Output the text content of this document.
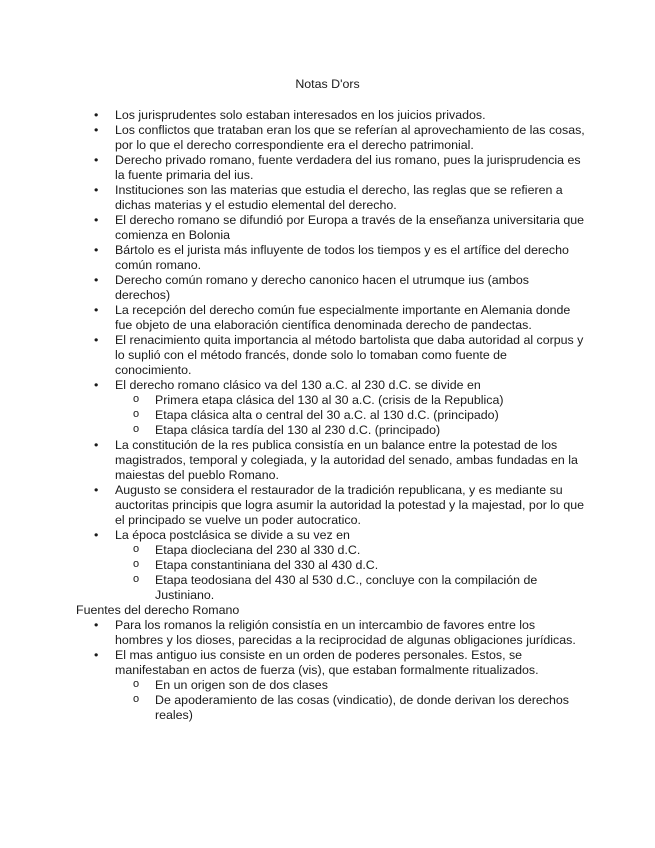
Notas D'ors
• Los jurisprudentes solo estaban interesados en los juicios privados.
• Los conflictos que trataban eran los que se referían al aprovechamiento de las cosas, por lo que el derecho correspondiente era el derecho patrimonial.
• Derecho privado romano, fuente verdadera del ius romano, pues la jurisprudencia es la fuente primaria del ius.
• Instituciones son las materias que estudia el derecho, las reglas que se refieren a dichas materias y el estudio elemental del derecho.
• El derecho romano se difundió por Europa a través de la enseñanza universitaria que comienza en Bolonia
• Bártolo es el jurista más influyente de todos los tiempos y es el artífice del derecho común romano.
• Derecho común romano y derecho canonico hacen el utrumque ius (ambos derechos)
• La recepción del derecho común fue especialmente importante en Alemania donde fue objeto de una elaboración científica denominada derecho de pandectas.
• El renacimiento quita importancia al método bartolista que daba autoridad al corpus y lo suplió con el método francés, donde solo lo tomaban como fuente de conocimiento.
• El derecho romano clásico va del 130 a.C. al 230 d.C. se divide en
o Primera etapa clásica del 130 al 30 a.C. (crisis de la Republica)
o Etapa clásica alta o central del 30 a.C. al 130 d.C. (principado)
o Etapa clásica tardía del 130 al 230 d.C. (principado)
• La constitución de la res publica consistía en un balance entre la potestad de los magistrados, temporal y colegiada, y la autoridad del senado, ambas fundadas en la maiestas del pueblo Romano.
• Augusto se considera el restaurador de la tradición republicana, y es mediante su auctoritas principis que logra asumir la autoridad la potestad y la majestad, por lo que el principado se vuelve un poder autocratico.
• La época postclásica se divide a su vez en
o Etapa diocleciana del 230 al 330 d.C.
o Etapa constantiniana del 330 al 430 d.C.
o Etapa teodosiana del 430 al 530 d.C., concluye con la compilación de Justiniano.
Fuentes del derecho Romano
• Para los romanos la religión consistía en un intercambio de favores entre los hombres y los dioses, parecidas a la reciprocidad de algunas obligaciones jurídicas.
• El mas antiguo ius consiste en un orden de poderes personales. Estos, se manifestaban en actos de fuerza (vis), que estaban formalmente ritualizados.
o En un origen son de dos clases
o De apoderamiento de las cosas (vindicatio), de donde derivan los derechos reales)
